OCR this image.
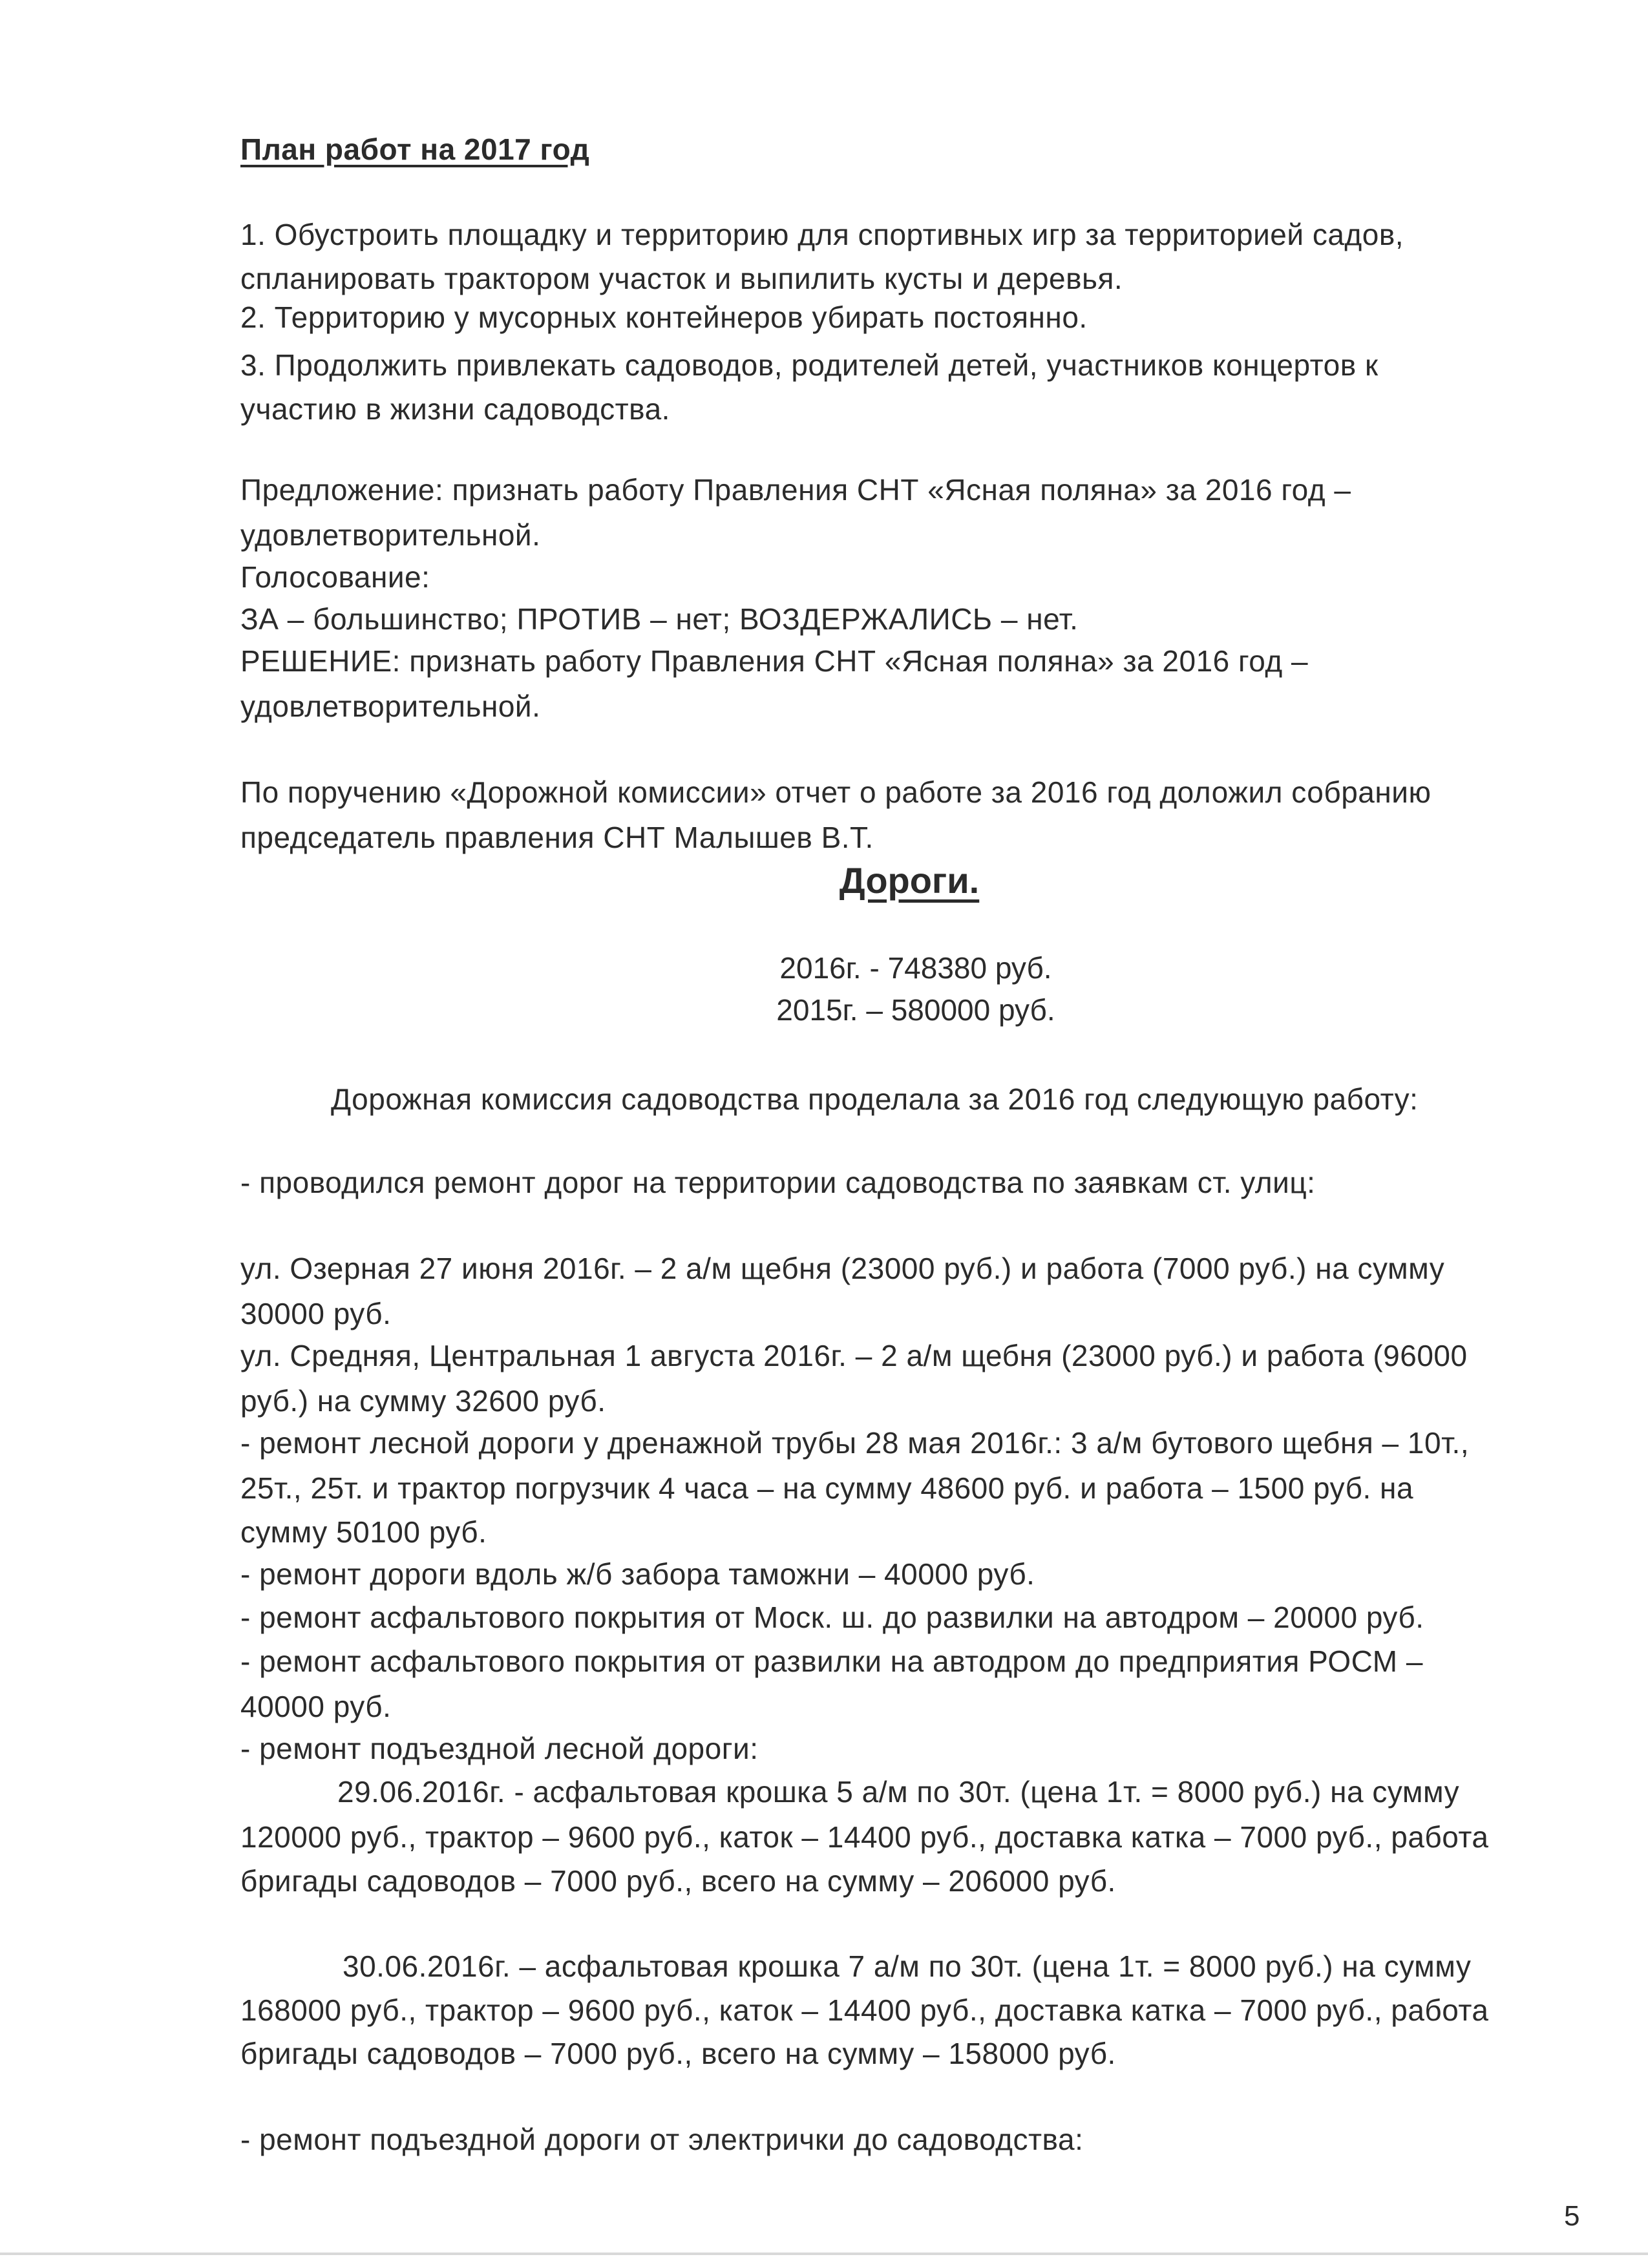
План работ на 2017 год
1. Обустроить площадку и территорию для спортивных игр за территорией садов,
спланировать трактором участок и выпилить кусты и деревья.
2. Территорию у мусорных контейнеров убирать постоянно.
3. Продолжить привлекать садоводов, родителей детей, участников концертов к
участию в жизни садоводства.
Предложение: признать работу Правления СНТ «Ясная поляна» за 2016 год –
удовлетворительной.
Голосование:
ЗА – большинство; ПРОТИВ – нет; ВОЗДЕРЖАЛИСЬ – нет.
РЕШЕНИЕ: признать работу Правления СНТ «Ясная поляна» за 2016 год –
удовлетворительной.
По поручению «Дорожной комиссии» отчет о работе за 2016 год доложил собранию
председатель правления СНТ Малышев В.Т.
Дороги.
2016г. - 748380 руб.
2015г. – 580000 руб.
Дорожная комиссия садоводства проделала за 2016 год следующую работу:
- проводился ремонт дорог на территории садоводства по заявкам ст. улиц:
ул. Озерная 27 июня 2016г. – 2 а/м щебня (23000 руб.) и работа (7000 руб.) на сумму
30000 руб.
ул. Средняя, Центральная 1 августа 2016г. – 2 а/м щебня (23000 руб.) и работа (96000
руб.) на сумму 32600 руб.
- ремонт лесной дороги у дренажной трубы 28 мая 2016г.: 3 а/м бутового щебня – 10т.,
25т., 25т. и трактор погрузчик 4 часа – на сумму 48600 руб. и работа – 1500 руб. на
сумму 50100 руб.
- ремонт дороги вдоль ж/б забора таможни – 40000 руб.
- ремонт асфальтового покрытия от Моск. ш. до развилки на автодром – 20000 руб.
- ремонт асфальтового покрытия от развилки на автодром до предприятия РОСМ –
40000 руб.
- ремонт подъездной лесной дороги:
29.06.2016г. - асфальтовая крошка 5 а/м по 30т. (цена 1т. = 8000 руб.) на сумму
120000 руб., трактор – 9600 руб., каток – 14400 руб., доставка катка – 7000 руб., работа
бригады садоводов – 7000 руб., всего на сумму – 206000 руб.
30.06.2016г. – асфальтовая крошка 7 а/м по 30т. (цена 1т. = 8000 руб.) на сумму
168000 руб., трактор – 9600 руб., каток – 14400 руб., доставка катка – 7000 руб., работа
бригады садоводов – 7000 руб., всего на сумму – 158000 руб.
- ремонт подъездной дороги от электрички до садоводства:
5
